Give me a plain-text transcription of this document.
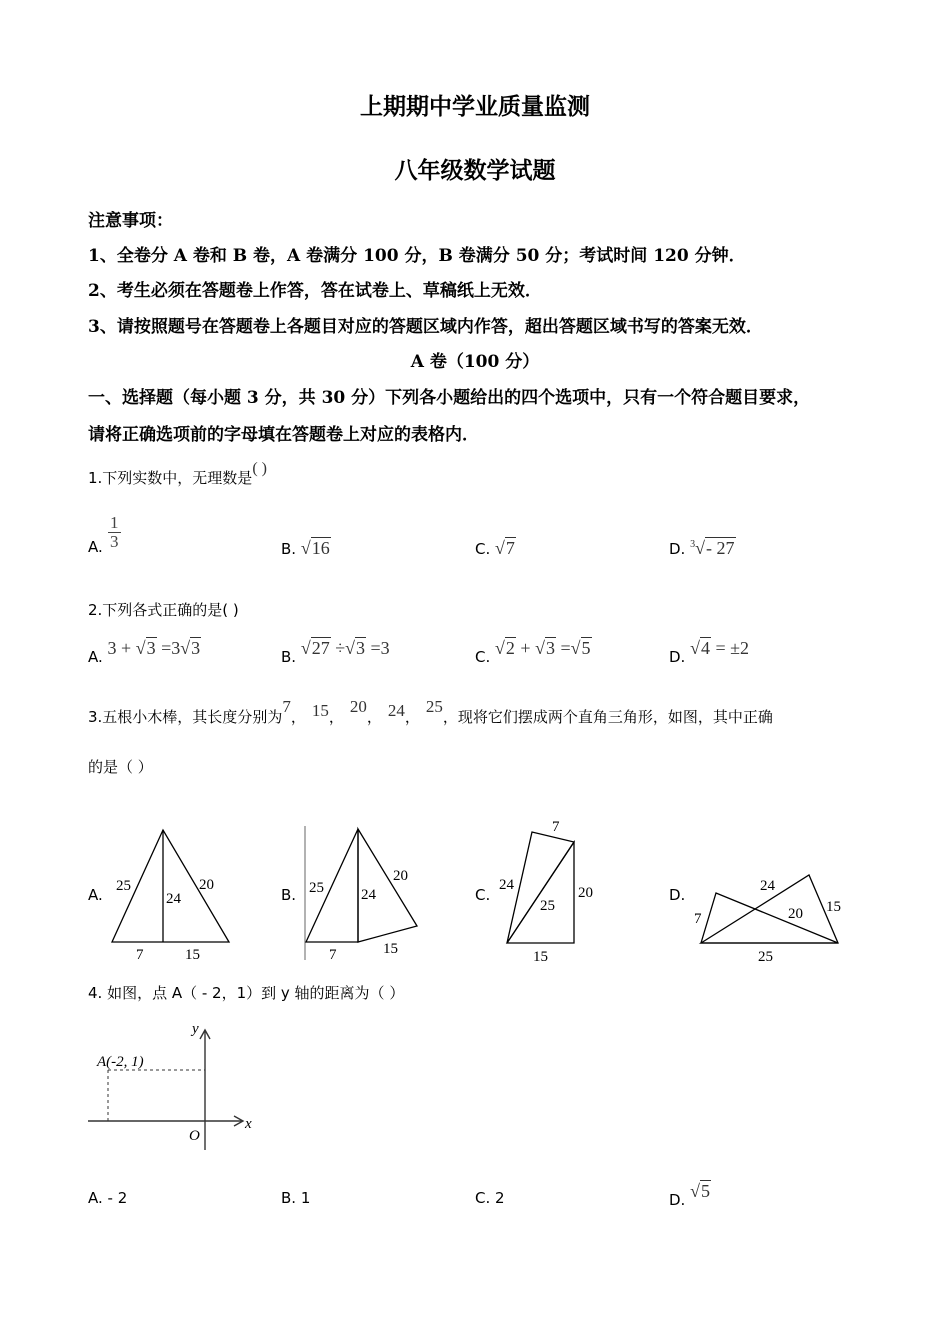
上期期中学业质量监测
八年级数学试题
注意事项：
1、全卷分 A 卷和 B 卷，A 卷满分 100 分，B 卷满分 50 分；考试时间 120 分钟．
2、考生必须在答题卷上作答，答在试卷上、草稿纸上无效．
3、请按照题号在答题卷上各题目对应的答题区域内作答，超出答题区域书写的答案无效．
A 卷（100 分）
一、选择题（每小题 3 分，共 30 分）下列各小题给出的四个选项中，只有一个符合题目要求，
请将正确选项前的字母填在答题卷上对应的表格内．
1.下列实数中，无理数是( )
A. $\frac{1}{3}$	B. √16	C. √7	D. $^3$√- 27
2.下列各式正确的是( )
A. 3 + √3 =3√3	B. √27 ÷√3 =3	C. √2 + √3 =√5	D. √4 = ±2
3.五根小木棒，其长度分别为7， 15，20， 24，25，现将它们摆成两个直角三角形，如图，其中正确
的是（ ）
A.	B.	C.	D.
25
24
20
7	15
25 24
20
7	15
7
24
25
20
15
24
7	20 15
25
y
x
O
A(-2, 1)
4. 如图，点 A（ - 2，1）到 y 轴的距离为（ ）
A. - 2	B. 1	C. 2	D. √5
